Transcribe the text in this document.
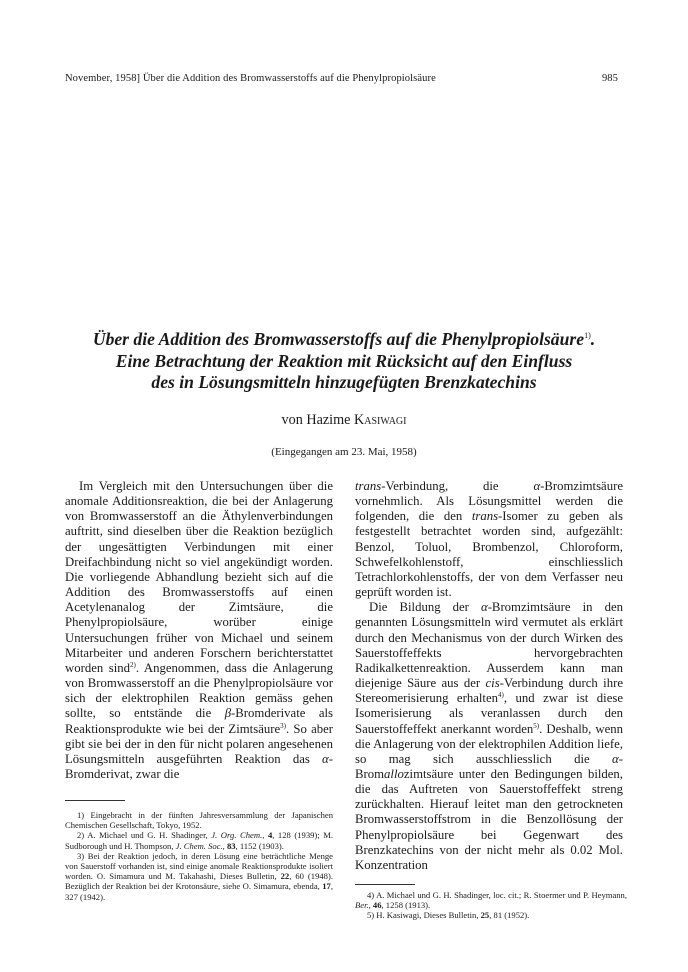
November, 1958] Über die Addition des Bromwasserstoffs auf die Phenylpropiolsäure	985
Über die Addition des Bromwasserstoffs auf die Phenylpropiolsäure$^{1)}$.
Eine Betrachtung der Reaktion mit Rücksicht auf den Einfluss
des in Lösungsmitteln hinzugefügten Brenzkatechins
von Hazime Kasiwagi
(Eingegangen am 23. Mai, 1958)

Im Vergleich mit den Untersuchungen über die anomale Additionsreaktion, die bei der Anlagerung von Bromwasserstoff an die Äthylenverbindungen auftritt, sind dieselben über die Reaktion bezüglich der ungesättigten Verbindungen mit einer Dreifachbindung nicht so viel angekündigt worden. Die vorliegende Abhandlung bezieht sich auf die Addition des Bromwasserstoffs auf einen Acetylenanalog der Zimtsäure, die Phenylpropiolsäure, worüber einige Untersuchungen früher von Michael und seinem Mitarbeiter und anderen Forschern berichterstattet worden sind$^{2)}$. Angenommen, dass die Anlagerung von Bromwasserstoff an die Phenylpropiolsäure vor sich der elektrophilen Reaktion gemäss gehen sollte, so entstände die β-Bromderivate als Reaktionsprodukte wie bei der Zimtsäure$^{3)}$. So aber gibt sie bei der in den für nicht polaren angesehenen Lösungsmitteln ausgeführten Reaktion das α-Bromderivat, zwar die

trans-Verbindung, die α-Bromzimtsäure vornehmlich. Als Lösungsmittel werden die folgenden, die den trans-Isomer zu geben als festgestellt betrachtet worden sind, aufgezählt: Benzol, Toluol, Brombenzol, Chloroform, Schwefelkohlenstoff, einschliesslich Tetrachlorkohlenstoffs, der von dem Verfasser neu geprüft worden ist.

Die Bildung der α-Bromzimtsäure in den genannten Lösungsmitteln wird vermutet als erklärt durch den Mechanismus von der durch Wirken des Sauerstoffeffekts hervorgebrachten Radikalkettenreaktion. Ausserdem kann man diejenige Säure aus der cis-Verbindung durch ihre Stereomerisierung erhalten$^{4)}$, und zwar ist diese Isomerisierung als veranlassen durch den Sauerstoffeffekt anerkannt worden$^{5)}$. Deshalb, wenn die Anlagerung von der elektrophilen Addition liefe, so mag sich ausschliesslich die α-Bromallozimtsäure unter den Bedingungen bilden, die das Auftreten von Sauerstoffeffekt streng zurückhalten. Hierauf leitet man den getrockneten Bromwasserstoffstrom in die Benzollösung der Phenylpropiolsäure bei Gegenwart des Brenzkatechins von der nicht mehr als 0.02 Mol. Konzentration

1) Eingebracht in der fünften Jahresversammlung der Japanischen Chemischen Gesellschaft, Tokyo, 1952.

2) A. Michael und G. H. Shadinger, J. Org. Chem., 4, 128 (1939); M. Sudborough und H. Thompson, J. Chem. Soc., 83, 1152 (1903).

3) Bei der Reaktion jedoch, in deren Lösung eine beträchtliche Menge von Sauerstoff vorhanden ist, sind einige anomale Reaktionsprodukte isoliert worden. O. Simamura und M. Takahashi, Dieses Bulletin, 22, 60 (1948). Bezüglich der Reaktion bei der Krotonsäure, siehe O. Simamura, ebenda, 17, 327 (1942).	4) A. Michael und G. H. Shadinger, loc. cit.; R. Stoermer und P. Heymann, Ber., 46, 1258 (1913).

5) H. Kasiwagi, Dieses Bulletin, 25, 81 (1952).
